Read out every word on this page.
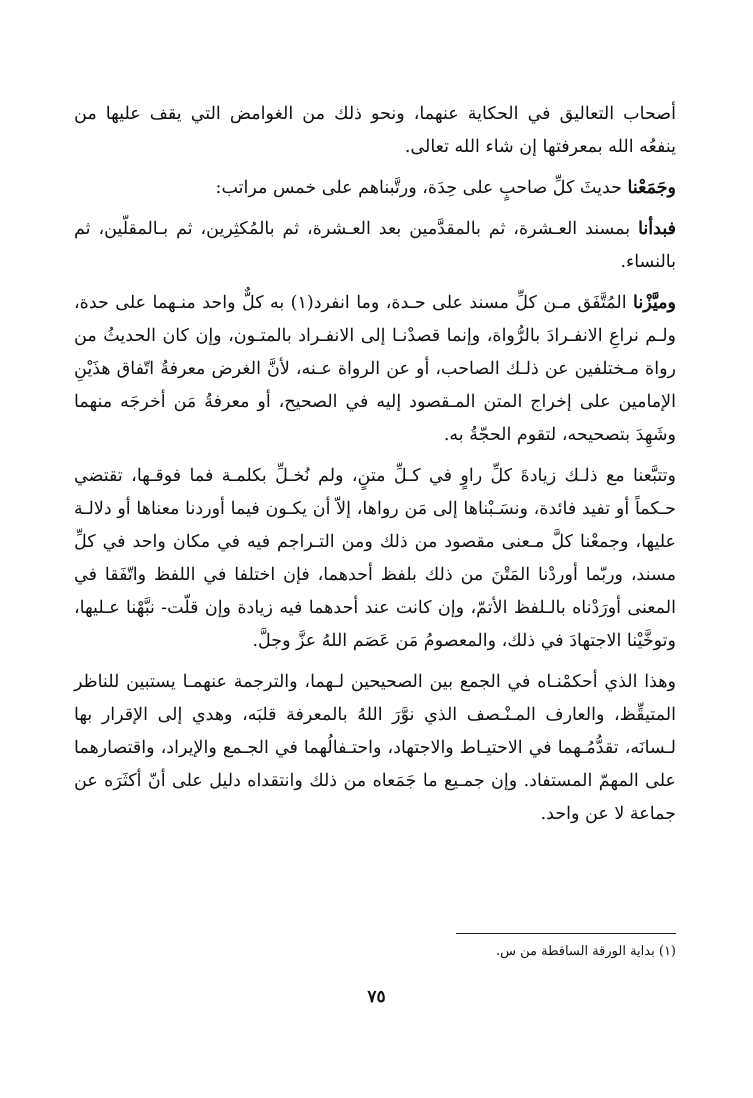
أصحاب التعاليق في الحكاية عنهما، ونحو ذلك من الغوامض التي يقف عليها من ينفعُه الله بمعرفتها إن شاء الله تعالى.

وجَمَعْنا حديثَ كلِّ صاحبٍ على حِدَة، ورتَّبناهم على خمس مراتب:

فبدأنا بمسند العـشرة، ثم بالمقدَّمين بعد العـشرة، ثم بالمُكثِرين، ثم بـالمقلّين، ثم بالنساء.

وميَّزْنا المُتَّفَق مـن كلِّ مسند على حـدة، وما انفرد(١) به كلٌّ واحد منـهما على حدة، ولـم نراعِ الانفـرادَ بالرُّواة، وإنما قصدْنـا إلى الانفـراد بالمتـون، وإن كان الحديثُ من رواة مـختلفين عن ذلـك الصاحب، أو عن الرواة عـنه، لأنَّ الغرض معرفةُ اتّفاق هذَيْنِ الإمامين على إخراج المتن المـقصود إليه في الصحيح، أو معرفةُ مَن أخرجَه منهما وشَهِدَ بتصحيحه، لتقوم الحجّةُ به.

وتتبَّعنا مع ذلـك زيادةَ كلِّ راوٍ في كـلِّ متنٍ، ولم نُخـلِّ بكلمـة فما فوقـها، تقتضي حـكماً أو تفيد فائدة، ونسَـبْناها إلى مَن رواها، إلاّ أن يكـون فيما أوردنا معناها أو دلالـة عليها، وجمعْنا كلَّ مـعنى مقصود من ذلك ومن التـراجم فيه في مكان واحد في كلِّ مسند، وربّما أوردْنا المَتْنَ من ذلك بلفظ أحدهما، فإن اختلفا في اللفظ واتّفَقا في المعنى أورَدْناه بالـلفظ الأتمّ، وإن كانت عند أحدهما فيه زيادة وإن قلّت- نبَّهْنا عـليها، وتوخَّيْنا الاجتهادَ في ذلك، والمعصومُ مَن عَصَم اللهُ عزَّ وجلَّ.

وهذا الذي أحكمْنـاه في الجمع بين الصحيحين لـهما، والترجمة عنهمـا يستبين للناظر المتيقِّظ، والعارف المـنْـصف الذي نوَّرَ اللهُ بالمعرفة قلبَه، وهدي إلى الإقرار بها لـسانَه، تقدُّمُـهما في الاحتيـاط والاجتهاد، واحتـفالُهما في الجـمع والإيراد، واقتصارهما على المهمّ المستفاد. وإن جمـيع ما جَمَعاه من ذلك وانتقداه دليل على أنّ أكثَرَه عن جماعة لا عن واحد.

(١) بداية الورقة الساقطة من س.
٧٥
